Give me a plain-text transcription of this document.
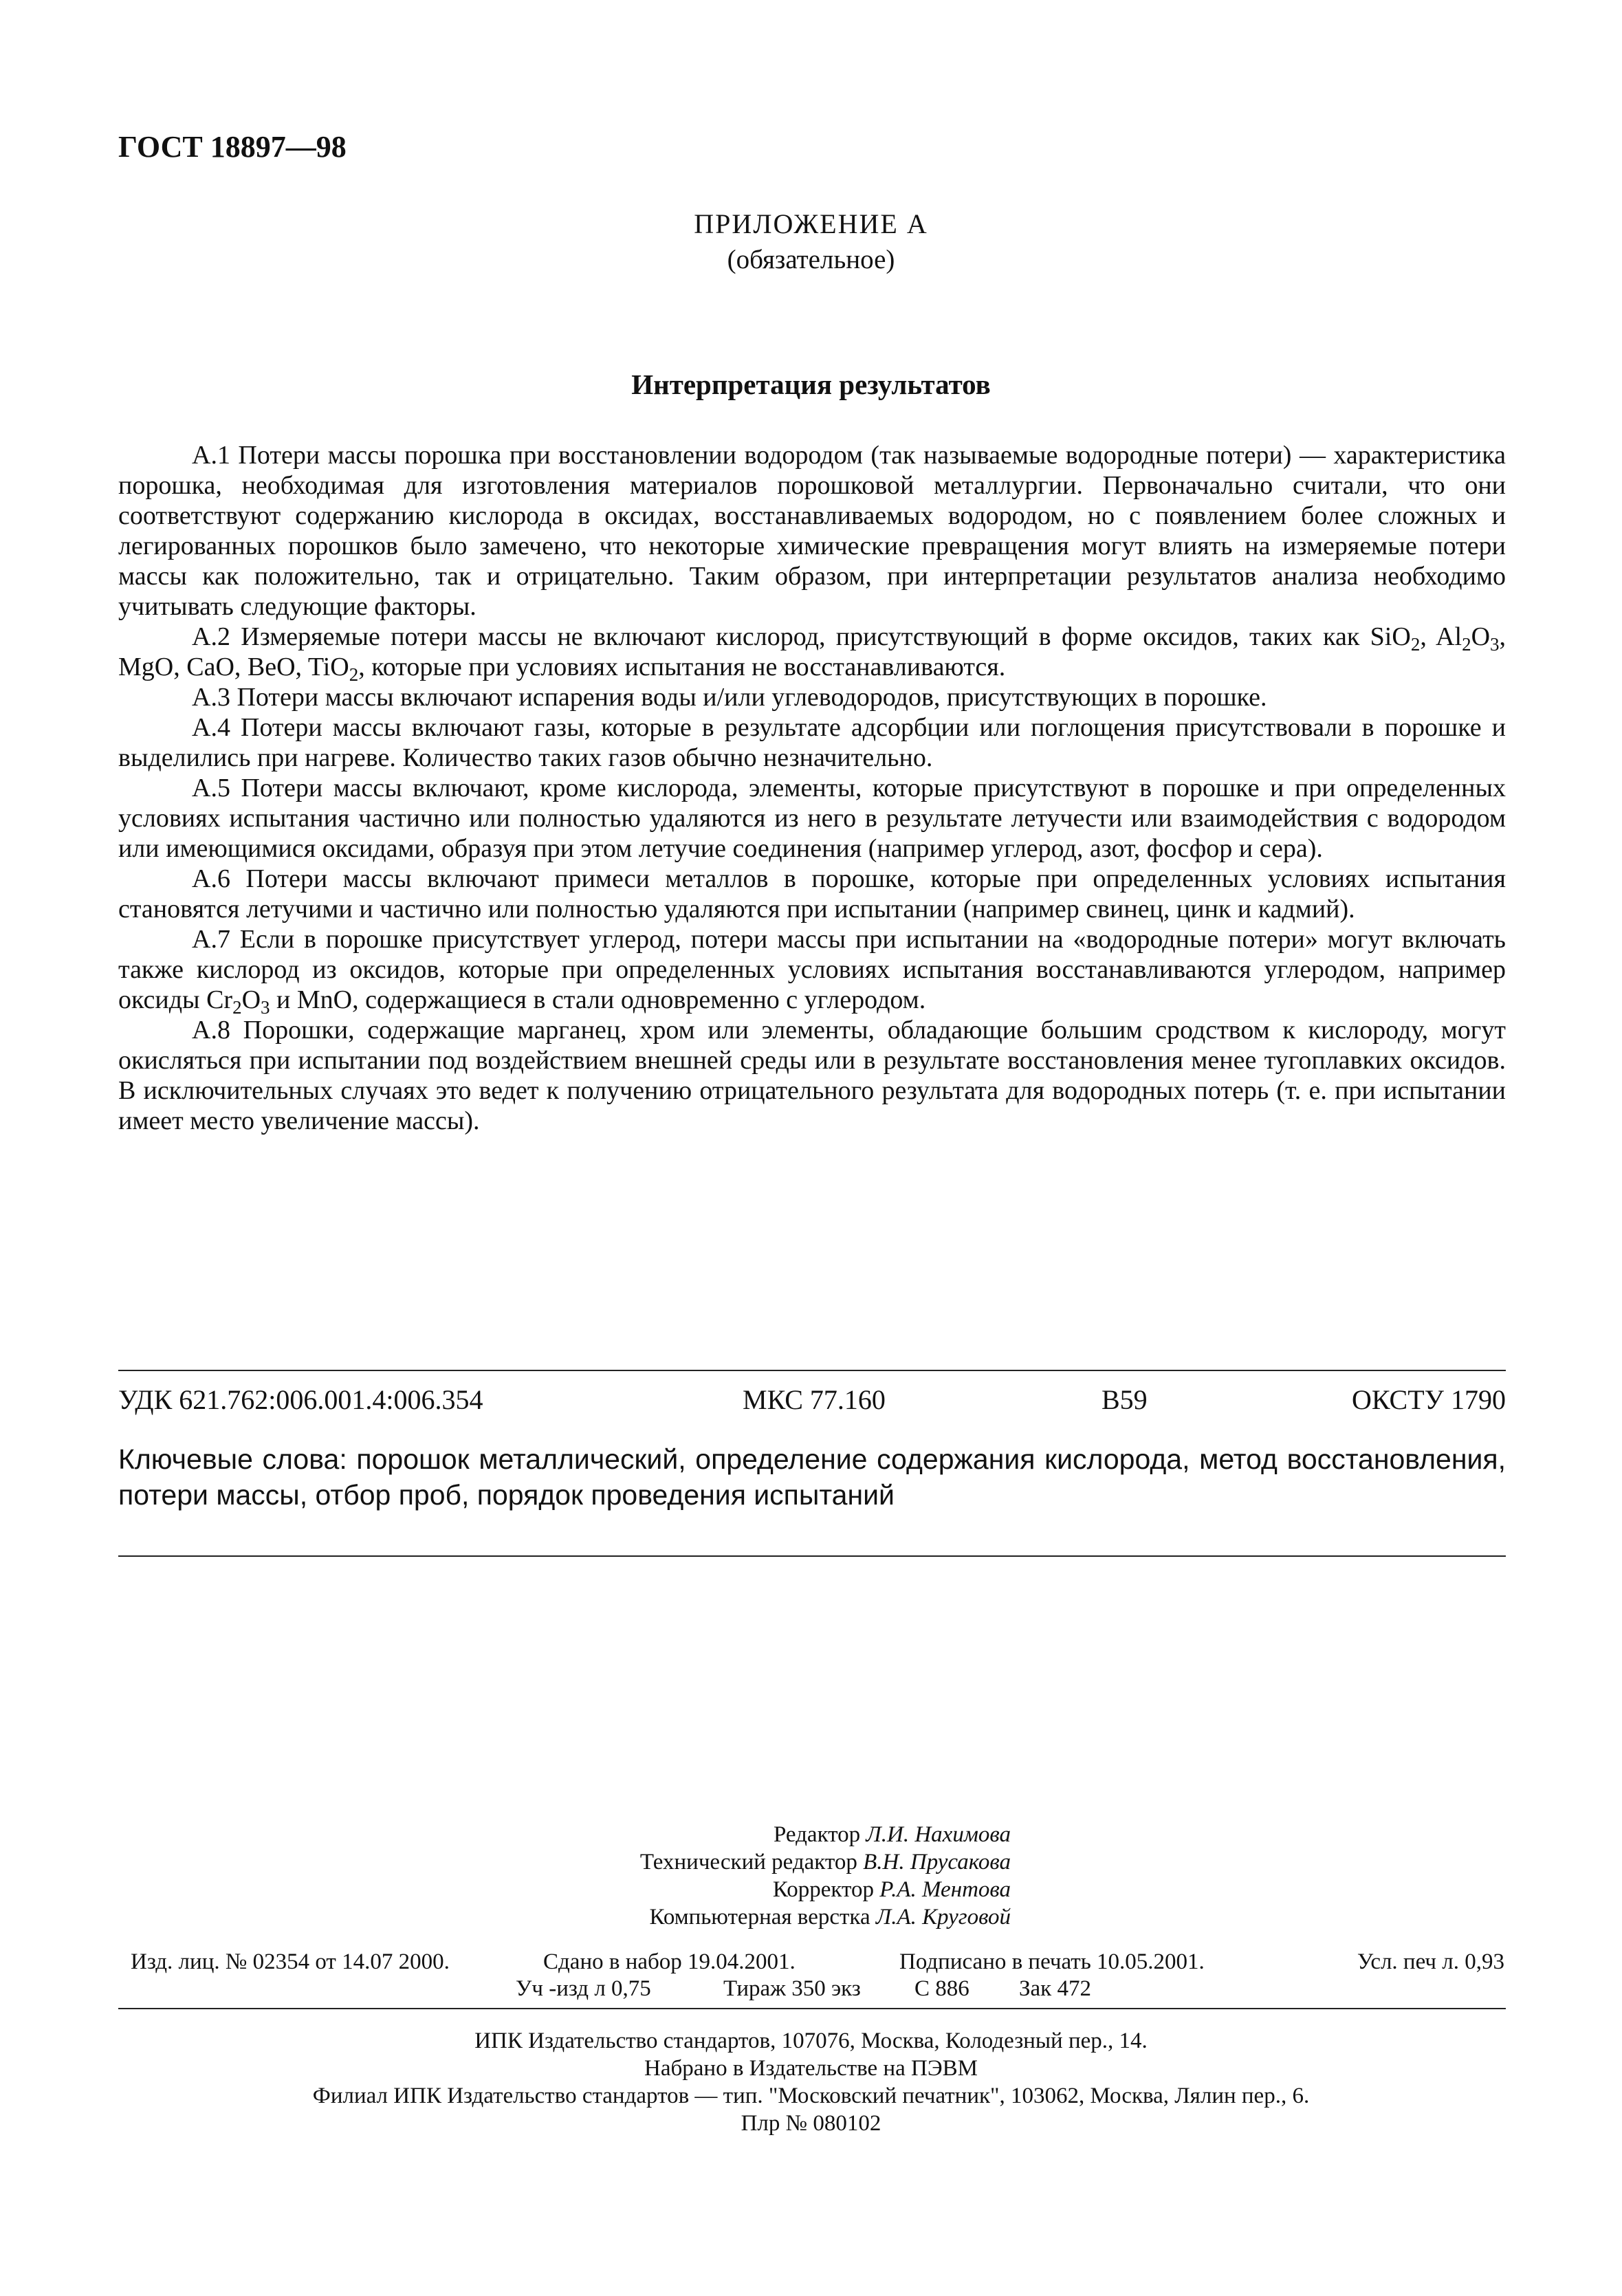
ГОСТ 18897—98
ПРИЛОЖЕНИЕ А
(обязательное)
Интерпретация результатов

А.1 Потери массы порошка при восстановлении водородом (так называемые водородные потери) — характеристика порошка, необходимая для изготовления материалов порошковой металлургии. Первоначально считали, что они соответствуют содержанию кислорода в оксидах, восстанавливаемых водородом, но с появлением более сложных и легированных порошков было замечено, что некоторые химические превращения могут влиять на измеряемые потери массы как положительно, так и отрицательно. Таким образом, при интерпретации результатов анализа необходимо учитывать следующие факторы.

А.2 Измеряемые потери массы не включают кислород, присутствующий в форме оксидов, таких как SiO$_2$, $Al_2O_3$, MgO, CaO, BeO, TiO$_2$, которые при условиях испытания не восстанавливаются.

А.3 Потери массы включают испарения воды и/или углеводородов, присутствующих в порошке.

А.4 Потери массы включают газы, которые в результате адсорбции или поглощения присутствовали в порошке и выделились при нагреве. Количество таких газов обычно незначительно.

А.5 Потери массы включают, кроме кислорода, элементы, которые присутствуют в порошке и при определенных условиях испытания частично или полностью удаляются из него в результате летучести или взаимодействия с водородом или имеющимися оксидами, образуя при этом летучие соединения (например углерод, азот, фосфор и сера).

А.6 Потери массы включают примеси металлов в порошке, которые при определенных условиях испытания становятся летучими и частично или полностью удаляются при испытании (например свинец, цинк и кадмий).

А.7 Если в порошке присутствует углерод, потери массы при испытании на «водородные потери» могут включать также кислород из оксидов, которые при определенных условиях испытания восстанавливаются углеродом, например оксиды $Cr_2O_3$ и MnO, содержащиеся в стали одновременно с углеродом.

А.8 Порошки, содержащие марганец, хром или элементы, обладающие большим сродством к кислороду, могут окисляться при испытании под воздействием внешней среды или в результате восстановления менее тугоплавких оксидов. В исключительных случаях это ведет к получению отрицательного результата для водородных потерь (т. е. при испытании имеет место увеличение массы).

УДК 621.762:006.001.4:006.354	МКС 77.160	В59	ОКСТУ 1790
Ключевые слова: порошок металлический, определение содержания кислорода, метод восстановления, потери массы, отбор проб, порядок проведения испытаний
Редактор Л.И. Нахимова
Технический редактор В.Н. Прусакова
Корректор Р.А. Ментова
Компьютерная верстка Л.А. Круговой
Изд. лиц. № 02354 от 14.07 2000.	Сдано в набор 19.04.2001.	Подписано в печать 10.05.2001.	Усл. печ л. 0,93
Уч -изд л 0,75	Тираж 350 экз С 886 Зак 472
ИПК Издательство стандартов, 107076, Москва, Колодезный пер., 14.
Набрано в Издательстве на ПЭВМ
Филиал ИПК Издательство стандартов — тип. "Московский печатник", 103062, Москва, Лялин пер., 6.
Плр № 080102
